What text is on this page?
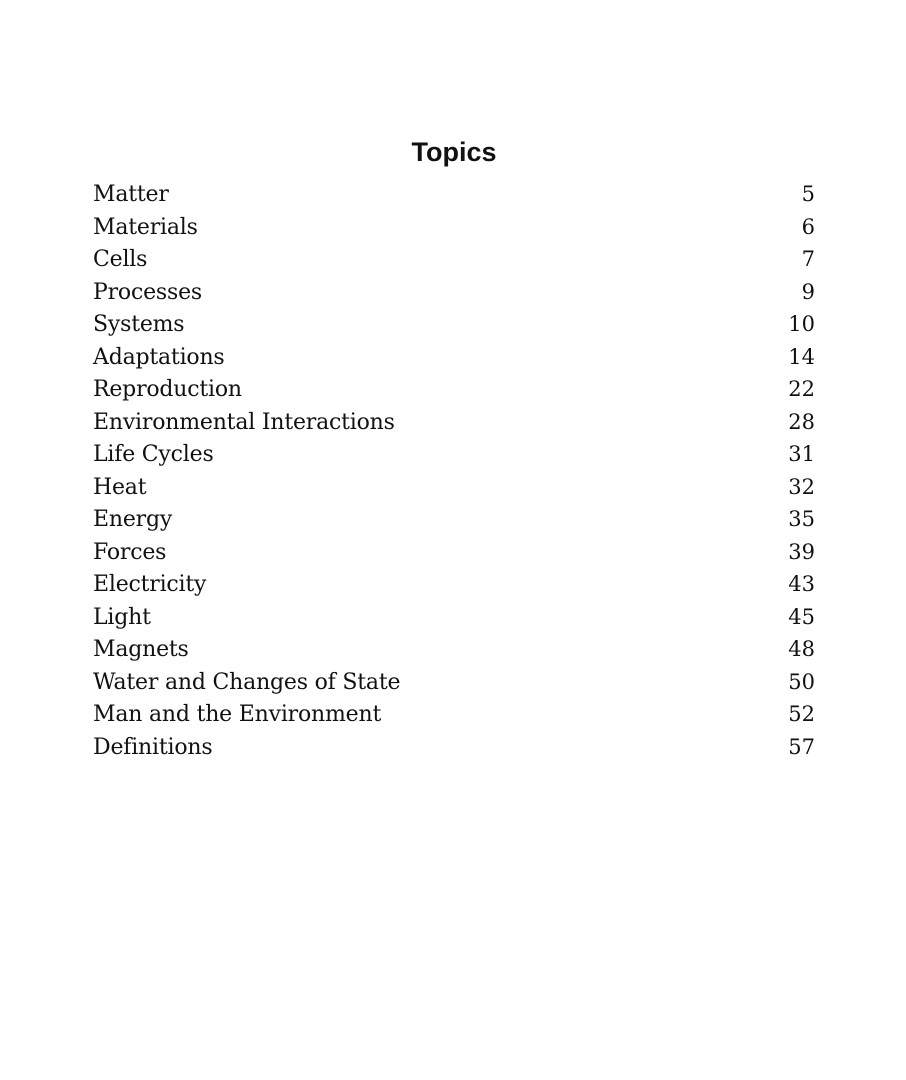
Topics
Matter	5
Materials	6
Cells	7
Processes	9
Systems	10
Adaptations	14
Reproduction	22
Environmental Interactions	28
Life Cycles	31
Heat	32
Energy	35
Forces	39
Electricity	43
Light	45
Magnets	48
Water and Changes of State	50
Man and the Environment	52
Definitions	57
